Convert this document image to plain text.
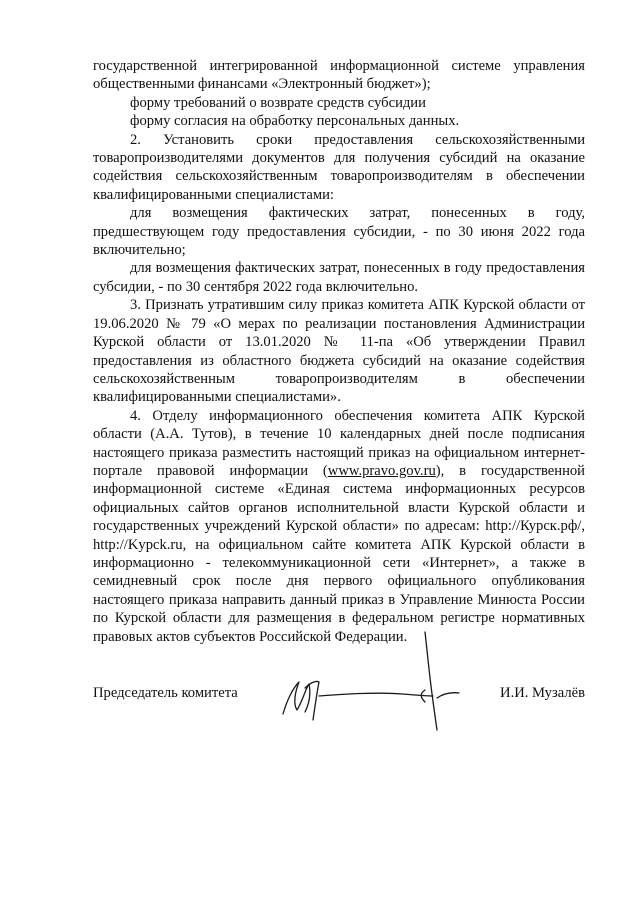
государственной интегрированной информационной системе управления общественными финансами «Электронный бюджет»);

форму требований о возврате средств субсидии

форму согласия на обработку персональных данных.

2. Установить сроки предоставления сельскохозяйственными товаропроизводителями документов для получения субсидий на оказание содействия сельскохозяйственным товаропроизводителям в обеспечении квалифицированными специалистами:

для возмещения фактических затрат, понесенных в году, предшествующем году предоставления субсидии, - по 30 июня 2022 года включительно;

для возмещения фактических затрат, понесенных в году предоставления субсидии, - по 30 сентября 2022 года включительно.

3. Признать утратившим силу приказ комитета АПК Курской области от 19.06.2020 № 79 «О мерах по реализации постановления Администрации Курской области от 13.01.2020 № 11-па «Об утверждении Правил предоставления из областного бюджета субсидий на оказание содействия сельскохозяйственным товаропроизводителям в обеспечении квалифицированными специалистами».

4. Отделу информационного обеспечения комитета АПК Курской области (А.А. Тутов), в течение 10 календарных дней после подписания настоящего приказа разместить настоящий приказ на официальном интернет-портале правовой информации (www.pravo.gov.ru), в государственной информационной системе «Единая система информационных ресурсов официальных сайтов органов исполнительной власти Курской области и государственных учреждений Курской области» по адресам: http://Курск.рф/, http://Kypck.ru, на официальном сайте комитета АПК Курской области в информационно - телекоммуникационной сети «Интернет», а также в семидневный срок после дня первого официального опубликования настоящего приказа направить данный приказ в Управление Минюста России по Курской области для размещения в федеральном регистре нормативных правовых актов субъектов Российской Федерации.

Председатель комитета	И.И. Музалёв
